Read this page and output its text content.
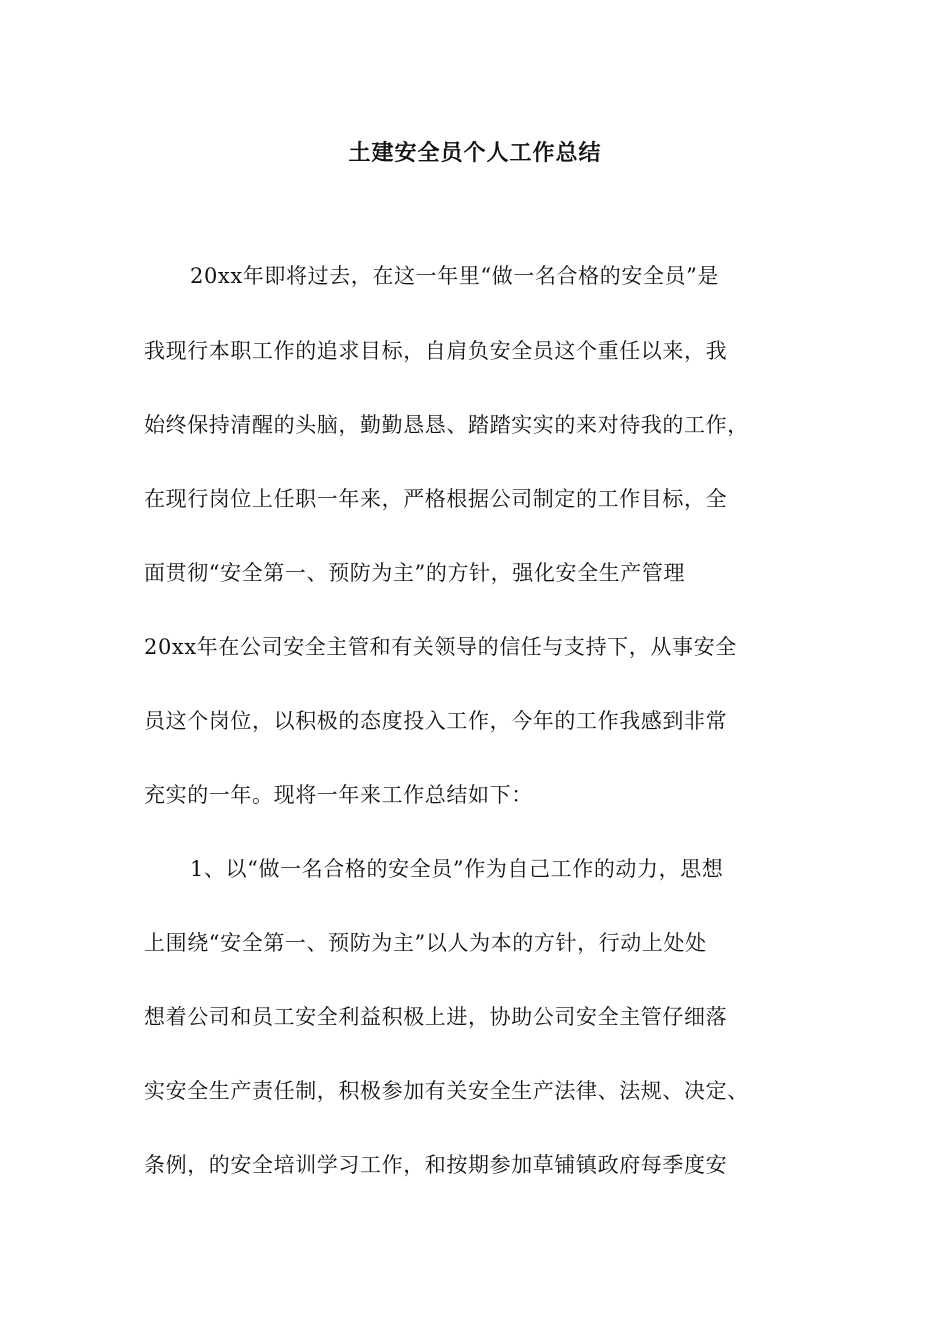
土建安全员个人工作总结
20xx年即将过去，在这一年里“做一名合格的安全员”是
我现行本职工作的追求目标，自肩负安全员这个重任以来，我
始终保持清醒的头脑，勤勤恳恳、踏踏实实的来对待我的工作，
在现行岗位上任职一年来，严格根据公司制定的工作目标，全
面贯彻“安全第一、预防为主”的方针，强化安全生产管理
20xx年在公司安全主管和有关领导的信任与支持下，从事安全
员这个岗位，以积极的态度投入工作，今年的工作我感到非常
充实的一年。现将一年来工作总结如下：
1、以“做一名合格的安全员”作为自己工作的动力，思想
上围绕“安全第一、预防为主”以人为本的方针，行动上处处
想着公司和员工安全利益积极上进，协助公司安全主管仔细落
实安全生产责任制，积极参加有关安全生产法律、法规、决定、
条例，的安全培训学习工作，和按期参加草铺镇政府每季度安
